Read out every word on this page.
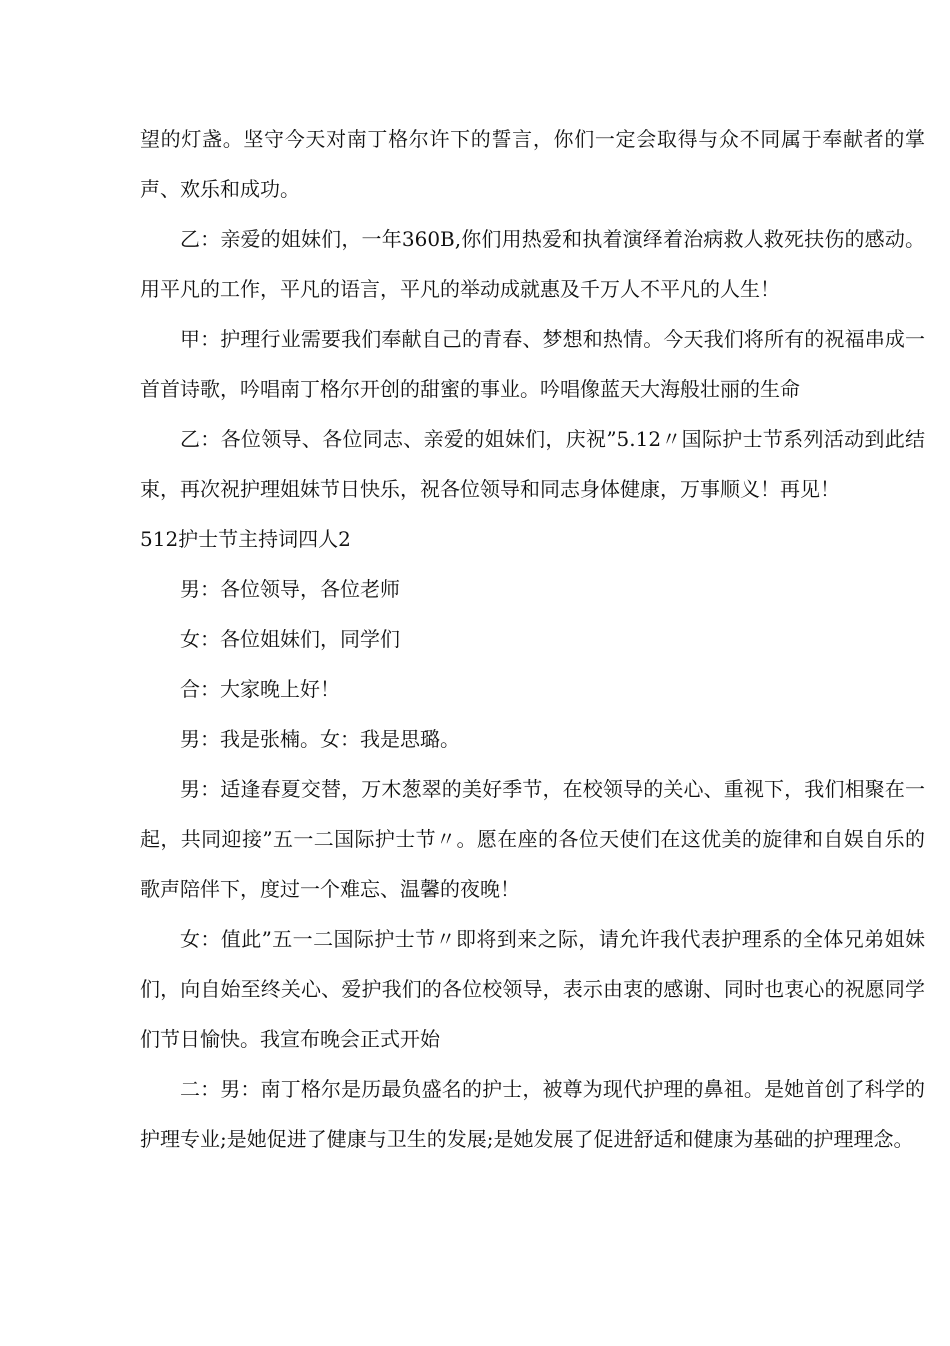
望的灯盏。坚守今天对南丁格尔许下的誓言，你们一定会取得与众不同属于奉献者的掌声、欢乐和成功。

乙：亲爱的姐妹们，一年360B,你们用热爱和执着演绎着治病救人救死扶伤的感动。用平凡的工作，平凡的语言，平凡的举动成就惠及千万人不平凡的人生！

甲：护理行业需要我们奉献自己的青春、梦想和热情。今天我们将所有的祝福串成一首首诗歌，吟唱南丁格尔开创的甜蜜的事业。吟唱像蓝天大海般壮丽的生命

乙：各位领导、各位同志、亲爱的姐妹们，庆祝”5.12〃国际护士节系列活动到此结束，再次祝护理姐妹节日快乐，祝各位领导和同志身体健康，万事顺义！再见！

512护士节主持词四人2

男：各位领导，各位老师

女：各位姐妹们，同学们

合：大家晚上好！

男：我是张楠。女：我是思璐。

男：适逢春夏交替，万木葱翠的美好季节，在校领导的关心、重视下，我们相聚在一起，共同迎接”五一二国际护士节〃。愿在座的各位天使们在这优美的旋律和自娱自乐的歌声陪伴下，度过一个难忘、温馨的夜晚！

女：值此”五一二国际护士节〃即将到来之际，请允许我代表护理系的全体兄弟姐妹们，向自始至终关心、爱护我们的各位校领导，表示由衷的感谢、同时也衷心的祝愿同学们节日愉快。我宣布晚会正式开始

二：男：南丁格尔是历最负盛名的护士，被尊为现代护理的鼻祖。是她首创了科学的护理专业;是她促进了健康与卫生的发展;是她发展了促进舒适和健康为基础的护理理念。
